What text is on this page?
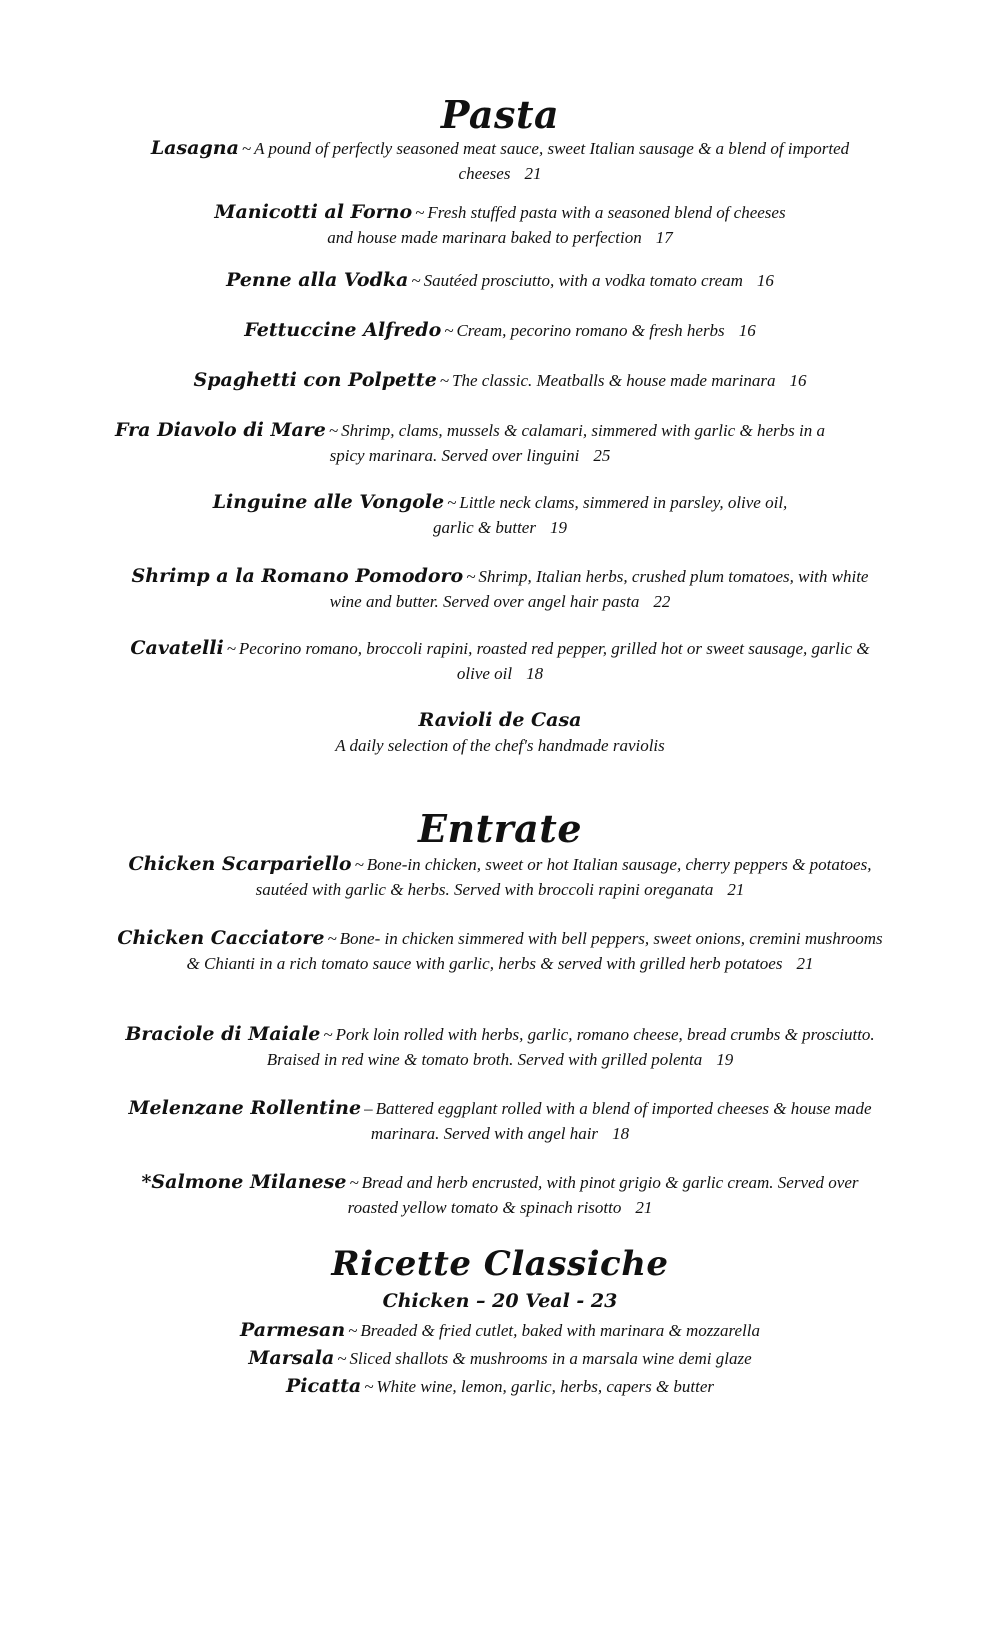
Pasta
Lasagna ~ A pound of perfectly seasoned meat sauce, sweet Italian sausage & a blend of imported cheeses 21
Manicotti al Forno ~ Fresh stuffed pasta with a seasoned blend of cheeses and house made marinara baked to perfection 17
Penne alla Vodka ~ Sautéed prosciutto, with a vodka tomato cream 16
Fettuccine Alfredo ~ Cream, pecorino romano & fresh herbs 16
Spaghetti con Polpette ~ The classic. Meatballs & house made marinara 16
Fra Diavolo di Mare ~ Shrimp, clams, mussels & calamari, simmered with garlic & herbs in a spicy marinara. Served over linguini 25
Linguine alle Vongole ~ Little neck clams, simmered in parsley, olive oil, garlic & butter 19
Shrimp a la Romano Pomodoro ~ Shrimp, Italian herbs, crushed plum tomatoes, with white wine and butter. Served over angel hair pasta 22
Cavatelli ~ Pecorino romano, broccoli rapini, roasted red pepper, grilled hot or sweet sausage, garlic & olive oil 18
Ravioli de Casa
A daily selection of the chef's handmade raviolis
Entrate
Chicken Scarpariello ~ Bone-in chicken, sweet or hot Italian sausage, cherry peppers & potatoes, sautéed with garlic & herbs. Served with broccoli rapini oreganata 21
Chicken Cacciatore ~ Bone- in chicken simmered with bell peppers, sweet onions, cremini mushrooms & Chianti in a rich tomato sauce with garlic, herbs & served with grilled herb potatoes 21
Braciole di Maiale ~ Pork loin rolled with herbs, garlic, romano cheese, bread crumbs & prosciutto. Braised in red wine & tomato broth. Served with grilled polenta 19
Melenzane Rollentine – Battered eggplant rolled with a blend of imported cheeses & house made marinara. Served with angel hair 18
*Salmone Milanese ~ Bread and herb encrusted, with pinot grigio & garlic cream. Served over roasted yellow tomato & spinach risotto 21
Ricette Classiche
Chicken – 20 Veal - 23
Parmesan ~ Breaded & fried cutlet, baked with marinara & mozzarella
Marsala ~ Sliced shallots & mushrooms in a marsala wine demi glaze
Picatta ~ White wine, lemon, garlic, herbs, capers & butter
